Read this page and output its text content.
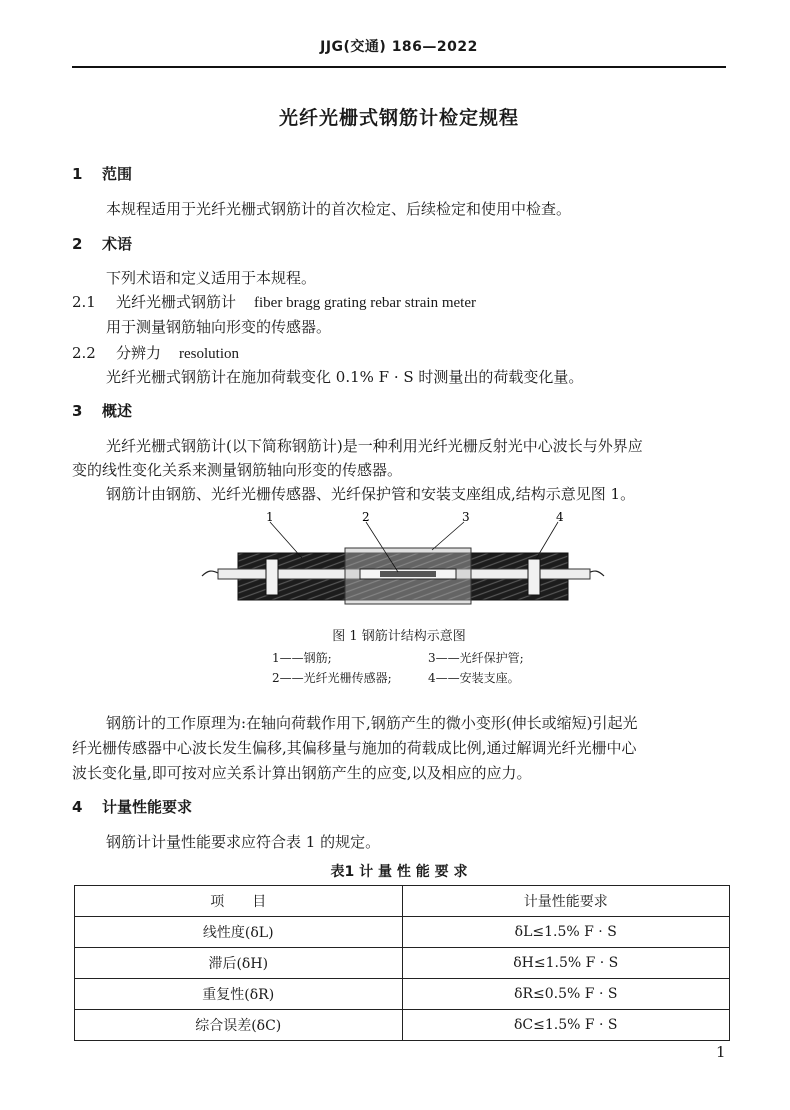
JJG(交通) 186—2022
光纤光栅式钢筋计检定规程
1 范围

本规程适用于光纤光栅式钢筋计的首次检定、后续检定和使用中检查。

2 术语

下列术语和定义适用于本规程。

2.1 光纤光栅式钢筋计 fiber bragg grating rebar strain meter

用于测量钢筋轴向形变的传感器。

2.2 分辨力 resolution

光纤光栅式钢筋计在施加荷载变化 0.1% F · S 时测量出的荷载变化量。

3 概述

光纤光栅式钢筋计(以下简称钢筋计)是一种利用光纤光栅反射光中心波长与外界应

变的线性变化关系来测量钢筋轴向形变的传感器。

钢筋计由钢筋、光纤光栅传感器、光纤保护管和安装支座组成,结构示意见图 1。

1	2	3	4
图 1 钢筋计结构示意图
1——钢筋;	3——光纤保护管;
2——光纤光栅传感器;	4——安装支座。

钢筋计的工作原理为:在轴向荷载作用下,钢筋产生的微小变形(伸长或缩短)引起光

纤光栅传感器中心波长发生偏移,其偏移量与施加的荷载成比例,通过解调光纤光栅中心

波长变化量,即可按对应关系计算出钢筋产生的应变,以及相应的应力。

4 计量性能要求

钢筋计计量性能要求应符合表 1 的规定。

表1 计 量 性 能 要 求
项　　目	计量性能要求
线性度(δL)	δL≤1.5% F · S
滞后(δH)	δH≤1.5% F · S
重复性(δR)	δR≤0.5% F · S
综合误差(δC)	δC≤1.5% F · S
1
